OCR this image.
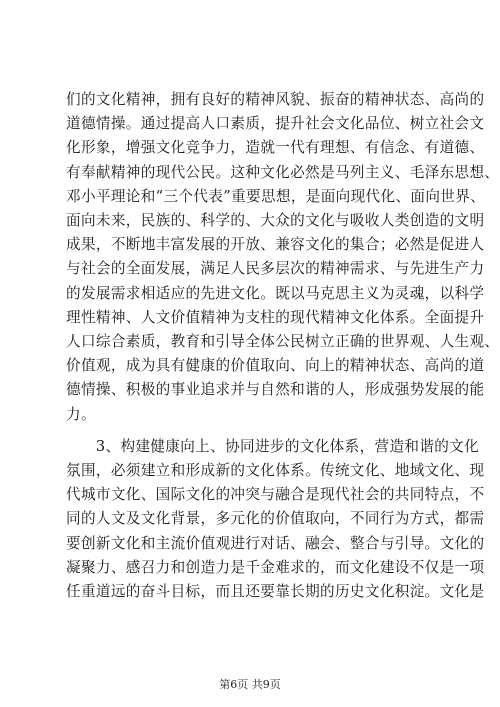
们的文化精神，拥有良好的精神风貌、振奋的精神状态、高尚的
道德情操。通过提高人口素质，提升社会文化品位、树立社会文
化形象，增强文化竞争力，造就一代有理想、有信念、有道德、
有奉献精神的现代公民。这种文化必然是马列主义、毛泽东思想、
邓小平理论和“三个代表”重要思想，是面向现代化、面向世界、
面向未来，民族的、科学的、大众的文化与吸收人类创造的文明
成果，不断地丰富发展的开放、兼容文化的集合；必然是促进人
与社会的全面发展，满足人民多层次的精神需求、与先进生产力
的发展需求相适应的先进文化。既以马克思主义为灵魂，以科学
理性精神、人文价值精神为支柱的现代精神文化体系。全面提升
人口综合素质，教育和引导全体公民树立正确的世界观、人生观、
价值观，成为具有健康的价值取向、向上的精神状态、高尚的道
德情操、积极的事业追求并与自然和谐的人，形成强势发展的能
力。
　　3、构建健康向上、协同进步的文化体系，营造和谐的文化
氛围，必须建立和形成新的文化体系。传统文化、地域文化、现
代城市文化、国际文化的冲突与融合是现代社会的共同特点，不
同的人文及文化背景，多元化的价值取向，不同行为方式，都需
要创新文化和主流价值观进行对话、融会、整合与引导。文化的
凝聚力、感召力和创造力是千金难求的，而文化建设不仅是一项
任重道远的奋斗目标，而且还要靠长期的历史文化积淀。文化是
第6页 共9页
